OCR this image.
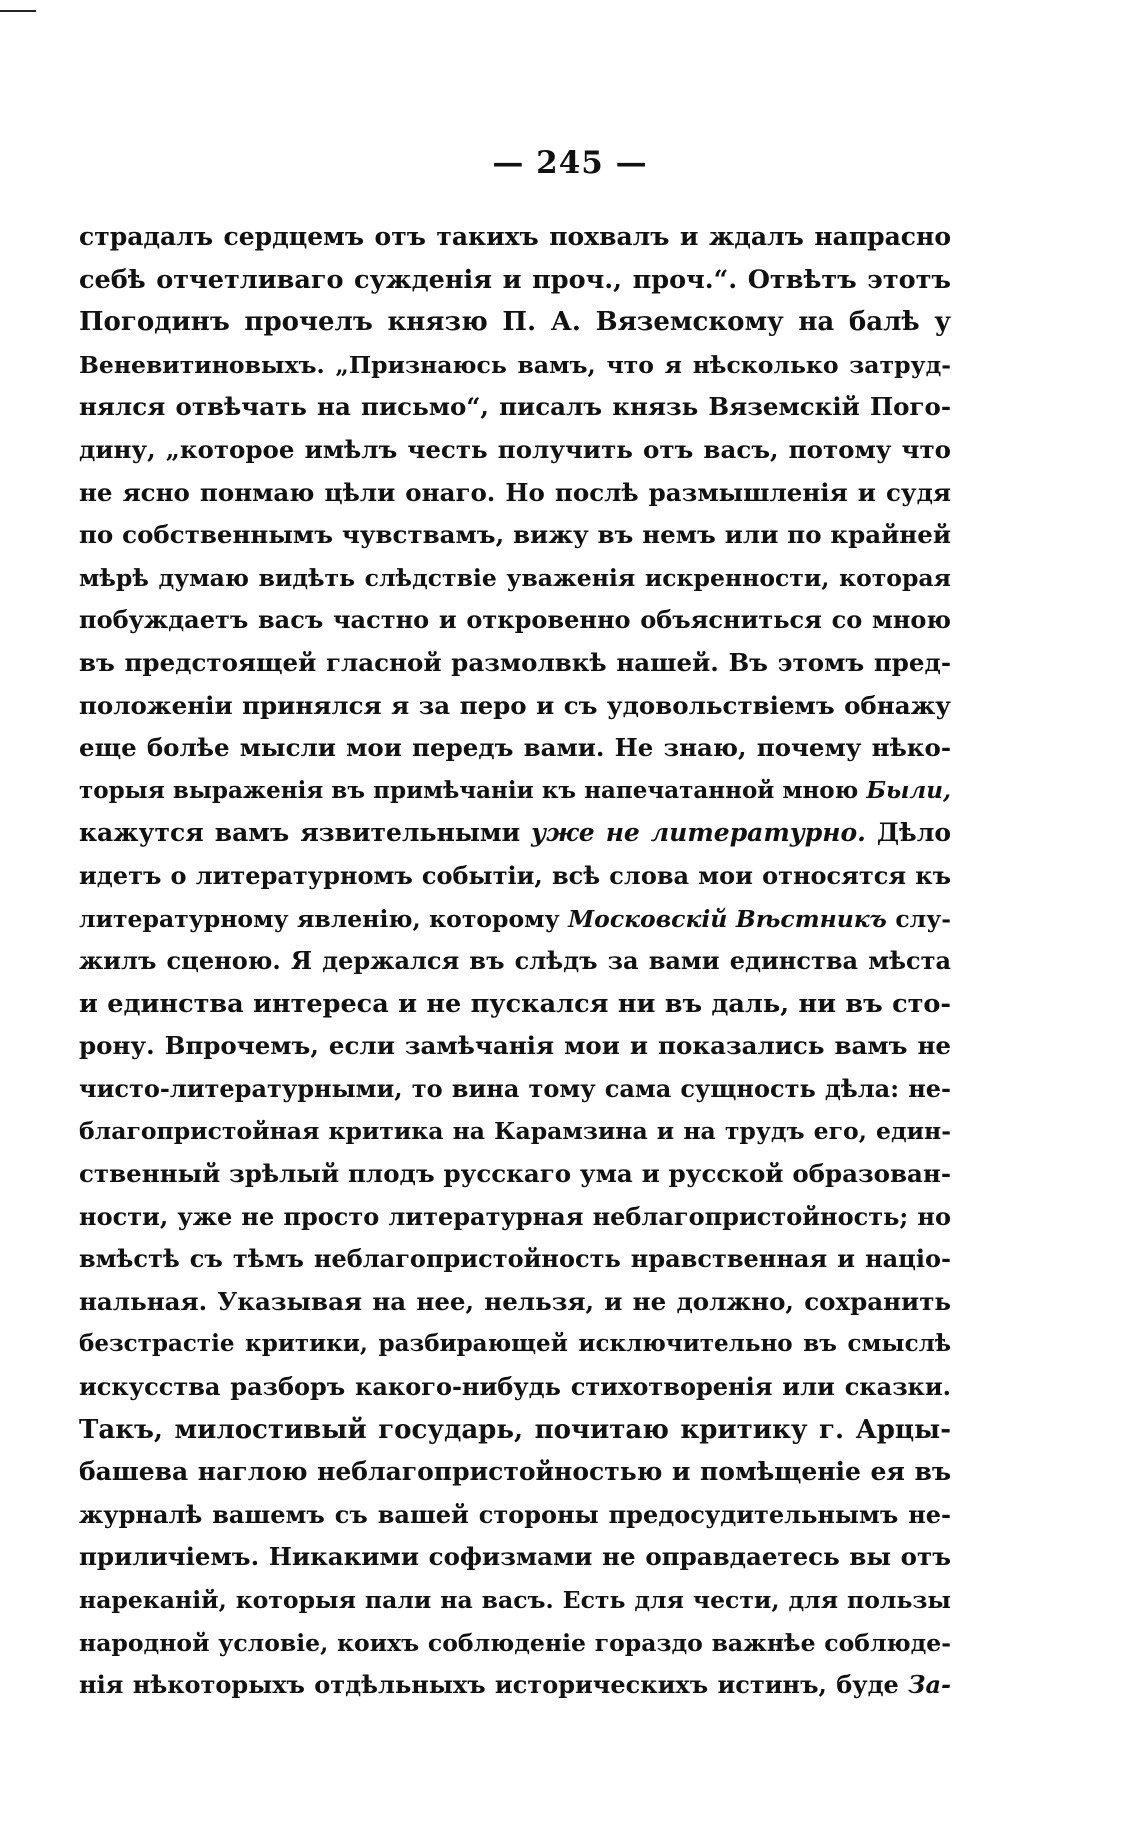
— 245 —
страдалъ сердцемъ отъ такихъ похвалъ и ждалъ напрасно
себѣ отчетливаго сужденія и проч., проч.“. Отвѣтъ этотъ
Погодинъ прочелъ князю П. А. Вяземскому на балѣ у
Веневитиновыхъ. „Признаюсь вамъ, что я нѣсколько затруд-
нялся отвѣчать на письмо“, писалъ князь Вяземскій Пого-
дину, „которое имѣлъ честь получить отъ васъ, потому что
не ясно понмаю цѣли онаго. Но послѣ размышленія и судя
по собственнымъ чувствамъ, вижу въ немъ или по крайней
мѣрѣ думаю видѣть слѣдствіе уваженія искренности, которая
побуждаетъ васъ частно и откровенно объясниться со мною
въ предстоящей гласной размолвкѣ нашей. Въ этомъ пред-
положеніи принялся я за перо и съ удовольствіемъ обнажу
еще болѣе мысли мои передъ вами. Не знаю, почему нѣко-
торыя выраженія въ примѣчаніи къ напечатанной мною Были,
кажутся вамъ язвительными уже не литературно. Дѣло
идетъ о литературномъ событіи, всѣ слова мои относятся къ
литературному явленію, которому Московскій Вѣстникъ слу-
жилъ сценою. Я держался въ слѣдъ за вами единства мѣста
и единства интереса и не пускался ни въ даль, ни въ сто-
рону. Впрочемъ, если замѣчанія мои и показались вамъ не
чисто-литературными, то вина тому сама сущность дѣла: не-
благопристойная критика на Карамзина и на трудъ его, един-
ственный зрѣлый плодъ русскаго ума и русской образован-
ности, уже не просто литературная неблагопристойность; но
вмѣстѣ съ тѣмъ неблагопристойность нравственная и націо-
нальная. Указывая на нее, нельзя, и не должно, сохранить
безстрастіе критики, разбирающей исключительно въ смыслѣ
искусства разборъ какого-нибудь стихотворенія или сказки.
Такъ, милостивый государь, почитаю критику г. Арцы-
башева наглою неблагопристойностью и помѣщеніе ея въ
журналѣ вашемъ съ вашей стороны предосудительнымъ не-
приличіемъ. Никакими софизмами не оправдаетесь вы отъ
нареканій, которыя пали на васъ. Есть для чести, для пользы
народной условіе, коихъ соблюденіе гораздо важнѣе соблюде-
нія нѣкоторыхъ отдѣльныхъ историческихъ истинъ, буде За-
